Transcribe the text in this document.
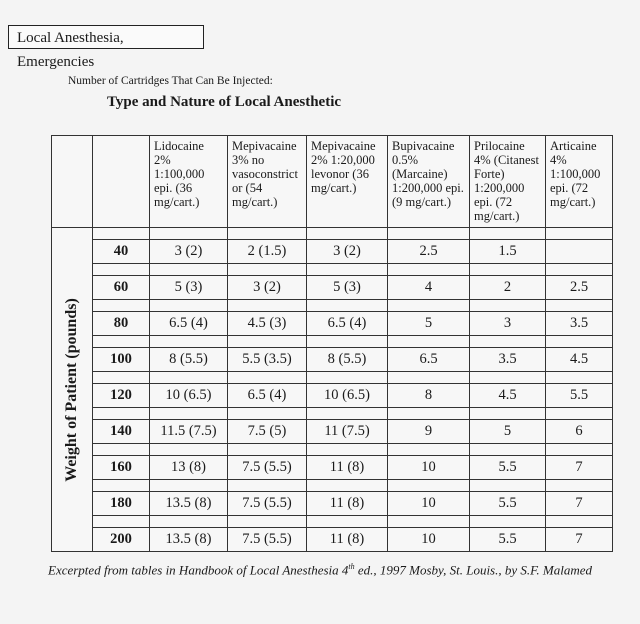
Local Anesthesia, Emergencies
Number of Cartridges That Can Be Injected:
Type and Nature of Local Anesthetic
		Lidocaine 2% 1:100,000 epi. (36 mg/cart.)	Mepivacaine 3% no vasoconstrict or (54 mg/cart.)	Mepivacaine 2% 1:20,000 levonor (36 mg/cart.)	Bupivacaine 0.5% (Marcaine) 1:200,000 epi. (9 mg/cart.)	Prilocaine 4% (Citanest Forte) 1:200,000 epi. (72 mg/cart.)	Articaine 4% 1:100,000 epi. (72 mg/cart.)

Weight of Patient (pounds)							

	40	3 (2)	2 (1.5)	3 (2)	2.5	1.5	

	60	5 (3)	3 (2)	5 (3)	4	2	2.5

	80	6.5 (4)	4.5 (3)	6.5 (4)	5	3	3.5

	100	8 (5.5)	5.5 (3.5)	8 (5.5)	6.5	3.5	4.5

	120	10 (6.5)	6.5 (4)	10 (6.5)	8	4.5	5.5

	140	11.5 (7.5)	7.5 (5)	11 (7.5)	9	5	6

	160	13 (8)	7.5 (5.5)	11 (8)	10	5.5	7

	180	13.5 (8)	7.5 (5.5)	11 (8)	10	5.5	7

	200	13.5 (8)	7.5 (5.5)	11 (8)	10	5.5	7
Excerpted from tables in Handbook of Local Anesthesia 4th ed., 1997 Mosby, St. Louis., by S.F. Malamed
